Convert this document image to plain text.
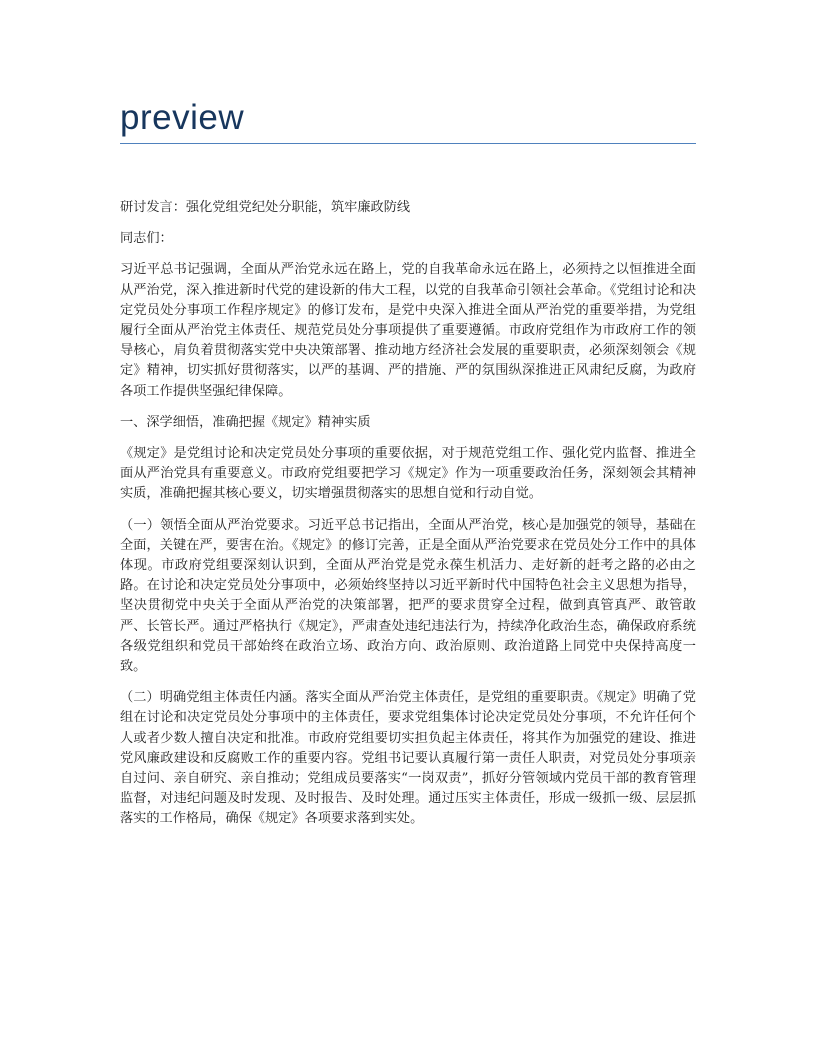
preview

研讨发言：强化党组党纪处分职能，筑牢廉政防线

同志们：

习近平总书记强调，全面从严治党永远在路上，党的自我革命永远在路上，必须持之以恒推进全面从严治党，深入推进新时代党的建设新的伟大工程，以党的自我革命引领社会革命。《党组讨论和决定党员处分事项工作程序规定》的修订发布，是党中央深入推进全面从严治党的重要举措，为党组履行全面从严治党主体责任、规范党员处分事项提供了重要遵循。市政府党组作为市政府工作的领导核心，肩负着贯彻落实党中央决策部署、推动地方经济社会发展的重要职责，必须深刻领会《规定》精神，切实抓好贯彻落实，以严的基调、严的措施、严的氛围纵深推进正风肃纪反腐，为政府各项工作提供坚强纪律保障。

一、深学细悟，准确把握《规定》精神实质

《规定》是党组讨论和决定党员处分事项的重要依据，对于规范党组工作、强化党内监督、推进全面从严治党具有重要意义。市政府党组要把学习《规定》作为一项重要政治任务，深刻领会其精神实质，准确把握其核心要义，切实增强贯彻落实的思想自觉和行动自觉。

（一）领悟全面从严治党要求。习近平总书记指出，全面从严治党，核心是加强党的领导，基础在全面，关键在严，要害在治。《规定》的修订完善，正是全面从严治党要求在党员处分工作中的具体体现。市政府党组要深刻认识到，全面从严治党是党永葆生机活力、走好新的赶考之路的必由之路。在讨论和决定党员处分事项中，必须始终坚持以习近平新时代中国特色社会主义思想为指导，坚决贯彻党中央关于全面从严治党的决策部署，把严的要求贯穿全过程，做到真管真严、敢管敢严、长管长严。通过严格执行《规定》，严肃查处违纪违法行为，持续净化政治生态，确保政府系统各级党组织和党员干部始终在政治立场、政治方向、政治原则、政治道路上同党中央保持高度一致。

（二）明确党组主体责任内涵。落实全面从严治党主体责任，是党组的重要职责。《规定》明确了党组在讨论和决定党员处分事项中的主体责任，要求党组集体讨论决定党员处分事项，不允许任何个人或者少数人擅自决定和批准。市政府党组要切实担负起主体责任，将其作为加强党的建设、推进党风廉政建设和反腐败工作的重要内容。党组书记要认真履行第一责任人职责，对党员处分事项亲自过问、亲自研究、亲自推动；党组成员要落实“一岗双责”，抓好分管领域内党员干部的教育管理监督，对违纪问题及时发现、及时报告、及时处理。通过压实主体责任，形成一级抓一级、层层抓落实的工作格局，确保《规定》各项要求落到实处。
